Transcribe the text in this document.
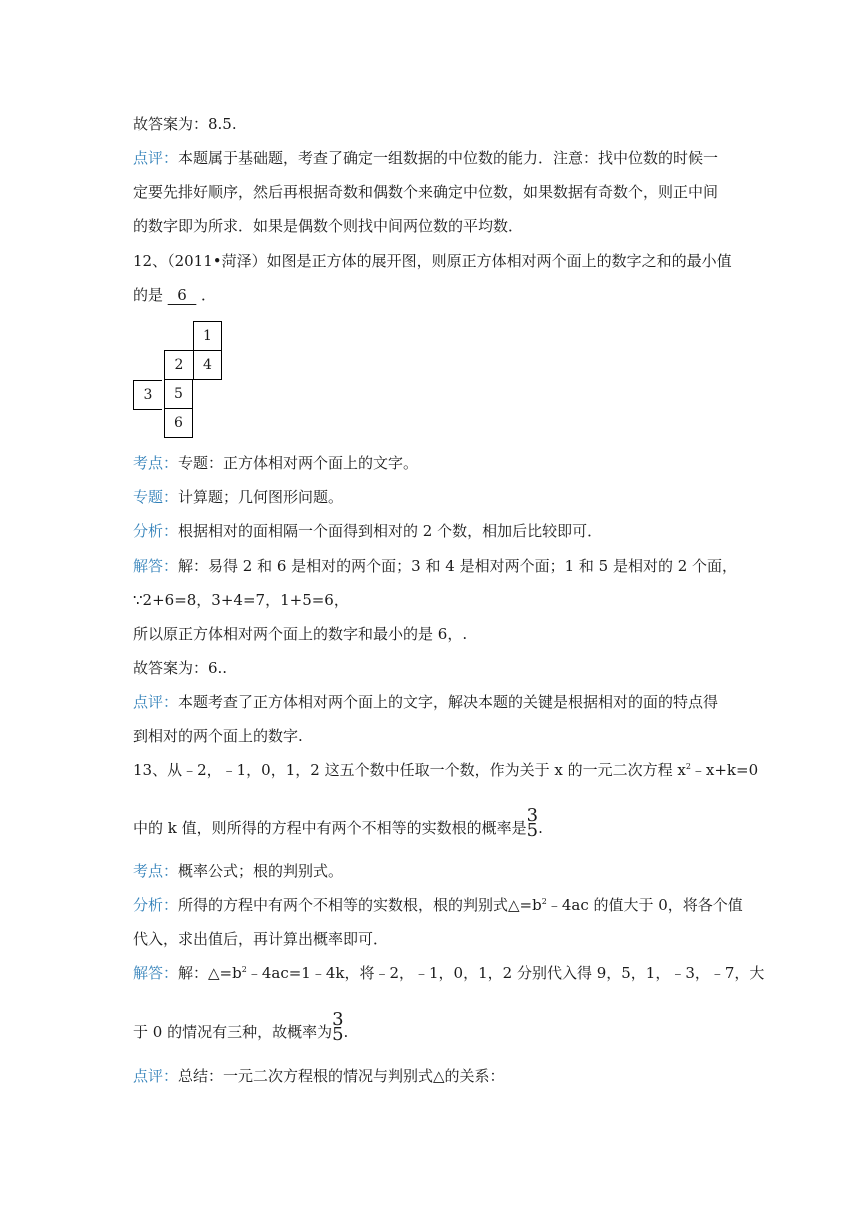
故答案为：8.5.
点评：本题属于基础题，考查了确定一组数据的中位数的能力．注意：找中位数的时候一
定要先排好顺序，然后再根据奇数和偶数个来确定中位数，如果数据有奇数个，则正中间
的数字即为所求．如果是偶数个则找中间两位数的平均数．
12、（2011•菏泽）如图是正方体的展开图，则原正方体相对两个面上的数字之和的最小值
的是  6  ．
1
4
2
3	5
6
考点：专题：正方体相对两个面上的文字。
专题：计算题；几何图形问题。
分析：根据相对的面相隔一个面得到相对的 2 个数，相加后比较即可．
解答：解：易得 2 和 6 是相对的两个面；3 和 4 是相对两个面；1 和 5 是相对的 2 个面，
∵2+6=8，3+4=7，1+5=6，
所以原正方体相对两个面上的数字和最小的是 6，.
故答案为：6..
点评：本题考查了正方体相对两个面上的文字，解决本题的关键是根据相对的面的特点得
到相对的两个面上的数字.
13、从﹣2，﹣1，0，1，2 这五个数中任取一个数，作为关于 x 的一元二次方程 $x^2﹣x+k=0$
中的 k 值，则所得的方程中有两个不相等的实数根的概率是
3
5 .
考点：概率公式；根的判别式。
分析：所得的方程中有两个不相等的实数根，根的判别式$\triangle=b^2﹣4ac$ 的值大于 0，将各个值
代入，求出值后，再计算出概率即可．
解答：解：$\triangle=b^2﹣4ac=1﹣4k$，将﹣2，﹣1，0，1，2 分别代入得 9，5，1，﹣3，﹣7，大
于 0 的情况有三种，故概率为
3
5 .
点评：总结：一元二次方程根的情况与判别式△的关系：
